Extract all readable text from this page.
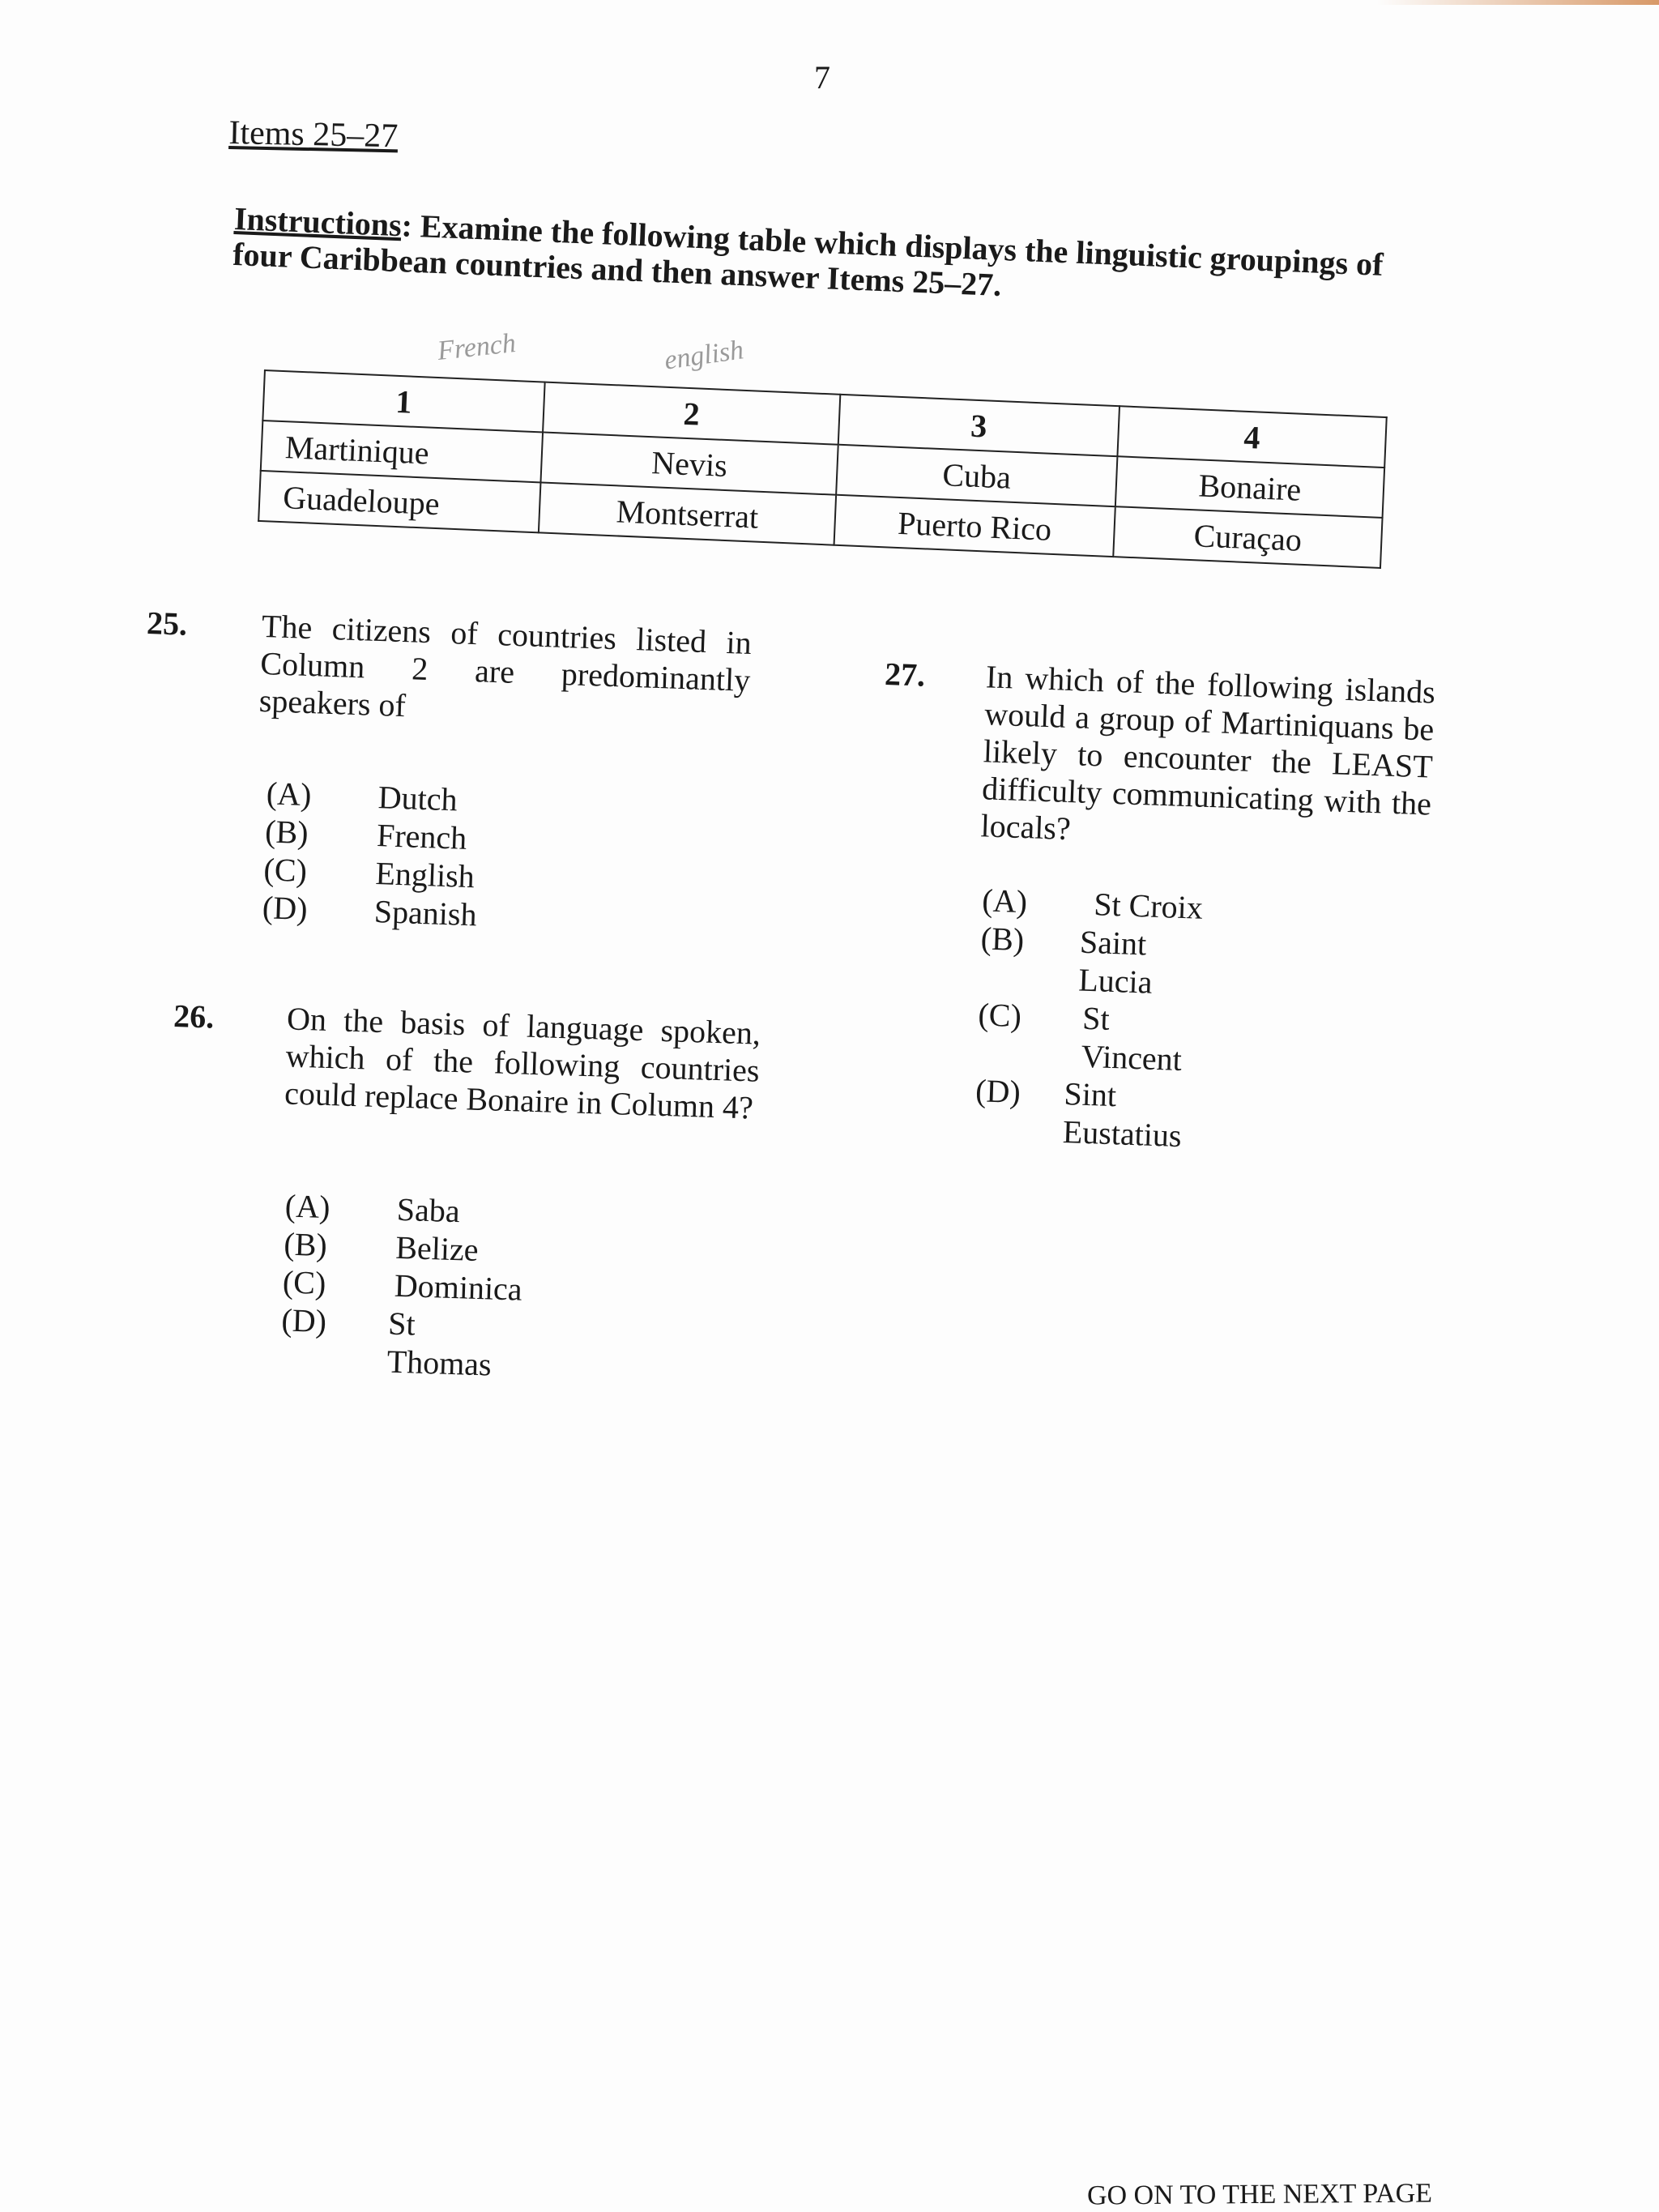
7
Items 25–27
Instructions: Examine the following table which displays the linguistic groupings of four Caribbean countries and then answer Items 25–27.
French	english
1	2	3	4
Martinique	Nevis	Cuba	Bonaire
Guadeloupe	Montserrat	Puerto Rico	Curaçao
25. The citizens of countries listed in Column 2 are predominantly speakers of
(A)	Dutch
(B)	French
(C)	English
(D)	Spanish
26. On the basis of language spoken, which of the following countries could replace Bonaire in Column 4?
(A)	Saba
(B)	Belize
(C)	Dominica
(D)	St Thomas
27. In which of the following islands would a group of Martiniquans be likely to encounter the LEAST difficulty communicating with the locals?
(A)	St Croix
(B)	Saint Lucia
(C)	St Vincent
(D)	Sint Eustatius
GO ON TO THE NEXT PAGE
